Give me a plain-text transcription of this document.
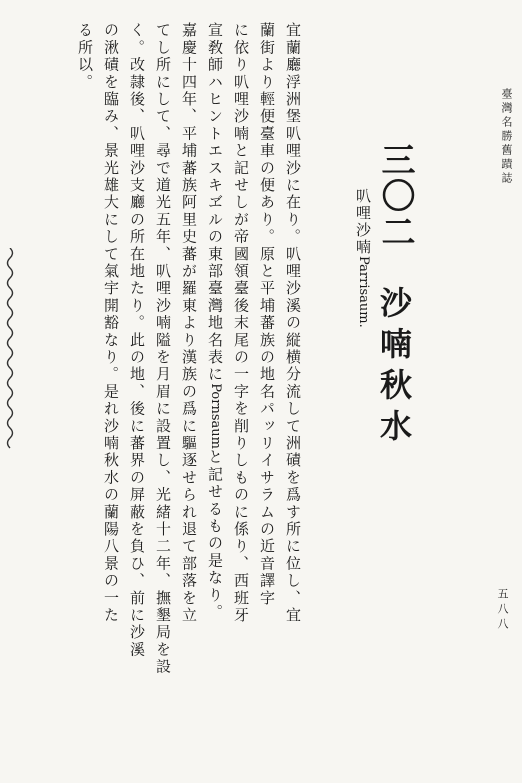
臺灣名勝舊蹟誌
五八八
三〇二
沙喃秋水
叭哩沙喃Parrisaum.
宜蘭廳浮洲堡叭哩沙に在り。叭哩沙溪の縦横分流して洲磧を爲す所に位し、宜
蘭街より輕便臺車の便あり。原と平埔蕃族の地名パッリイサラムの近音譯字
に依り叭哩沙喃と記せしが帝國領臺後末尾の一字を削りしものに係り、西班牙
宣敎師ハヒントエスキヹルの東部臺灣地名表にPornsaumと記せるもの是なり。
嘉慶十四年、平埔蕃族阿里史蕃が羅東より漢族の爲に驅逐せられ退て部落を立
てし所にして、尋で道光五年、叭哩沙喃隘を月眉に設置し、光緒十二年、撫墾局を設
く。改隷後、叭哩沙支廳の所在地たり。此の地、後に蕃界の屏蔽を負ひ、前に沙溪
の湫磧を臨み、景光雄大にして氣宇開豁なり。是れ沙喃秋水の蘭陽八景の一た
る所以。
